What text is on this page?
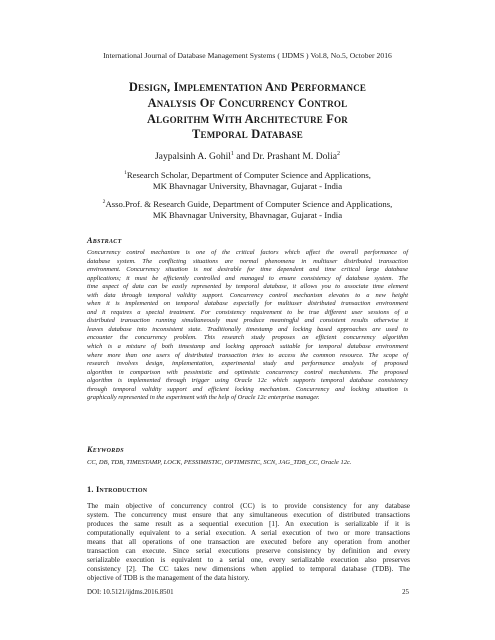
International Journal of Database Management Systems ( IJDMS ) Vol.8, No.5, October 2016
Design, Implementation And Performance
Analysis Of Concurrency Control
Algorithm With Architecture For
Temporal Database
Jaypalsinh A. Gohil$^1$ and Dr. Prashant M. Dolia$^2$
$^1$Research Scholar, Department of Computer Science and Applications,
MK Bhavnagar University, Bhavnagar, Gujarat - India
$^2$Asso.Prof. & Research Guide, Department of Computer Science and Applications,
MK Bhavnagar University, Bhavnagar, Gujarat - India
Abstract
Concurrency control mechanism is one of the critical factors which affect the overall performance of
database system. The conflicting situations are normal phenomena in multiuser distributed transaction
environment. Concurrency situation is not desirable for time dependent and time critical large database
applications; it must be efficiently controlled and managed to ensure consistency of database system. The
time aspect of data can be easily represented by temporal database, it allows you to associate time element
with data through temporal validity support. Concurrency control mechanism elevates to a new height
when it is implemented on temporal database especially for multiuser distributed transaction environment
and it requires a special treatment. For consistency requirement to be true different user sessions of a
distributed transaction running simultaneously must produce meaningful and consistent results otherwise it
leaves database into inconsistent state. Traditionally timestamp and locking based approaches are used to
encounter the concurrency problem. This research study proposes an efficient concurrency algorithm
which is a mixture of both timestamp and locking approach suitable for temporal database environment
where more than one users of distributed transaction tries to access the common resource. The scope of
research involves design, implementation, experimental study and performance analysis of proposed
algorithm in comparison with pessimistic and optimistic concurrency control mechanisms. The proposed
algorithm is implemented through trigger using Oracle 12c which supports temporal database consistency
through temporal validity support and efficient locking mechanism. Concurrency and locking situation is
graphically represented in the experiment with the help of Oracle 12c enterprise manager.
Keywords
CC, DB, TDB, TIMESTAMP, LOCK, PESSIMISTIC, OPTIMISTIC, SCN, JAG_TDB_CC, Oracle 12c.
1. Introduction
The main objective of concurrency control (CC) is to provide consistency for any database
system. The concurrency must ensure that any simultaneous execution of distributed transactions
produces the same result as a sequential execution [1]. An execution is serializable if it is
computationally equivalent to a serial execution. A serial execution of two or more transactions
means that all operations of one transaction are executed before any operation from another
transaction can execute. Since serial executions preserve consistency by definition and every
serializable execution is equivalent to a serial one, every serializable execution also preserves
consistency [2]. The CC takes new dimensions when applied to temporal database (TDB). The
objective of TDB is the management of the data history.
DOI: 10.5121/ijdms.2016.8501	25
